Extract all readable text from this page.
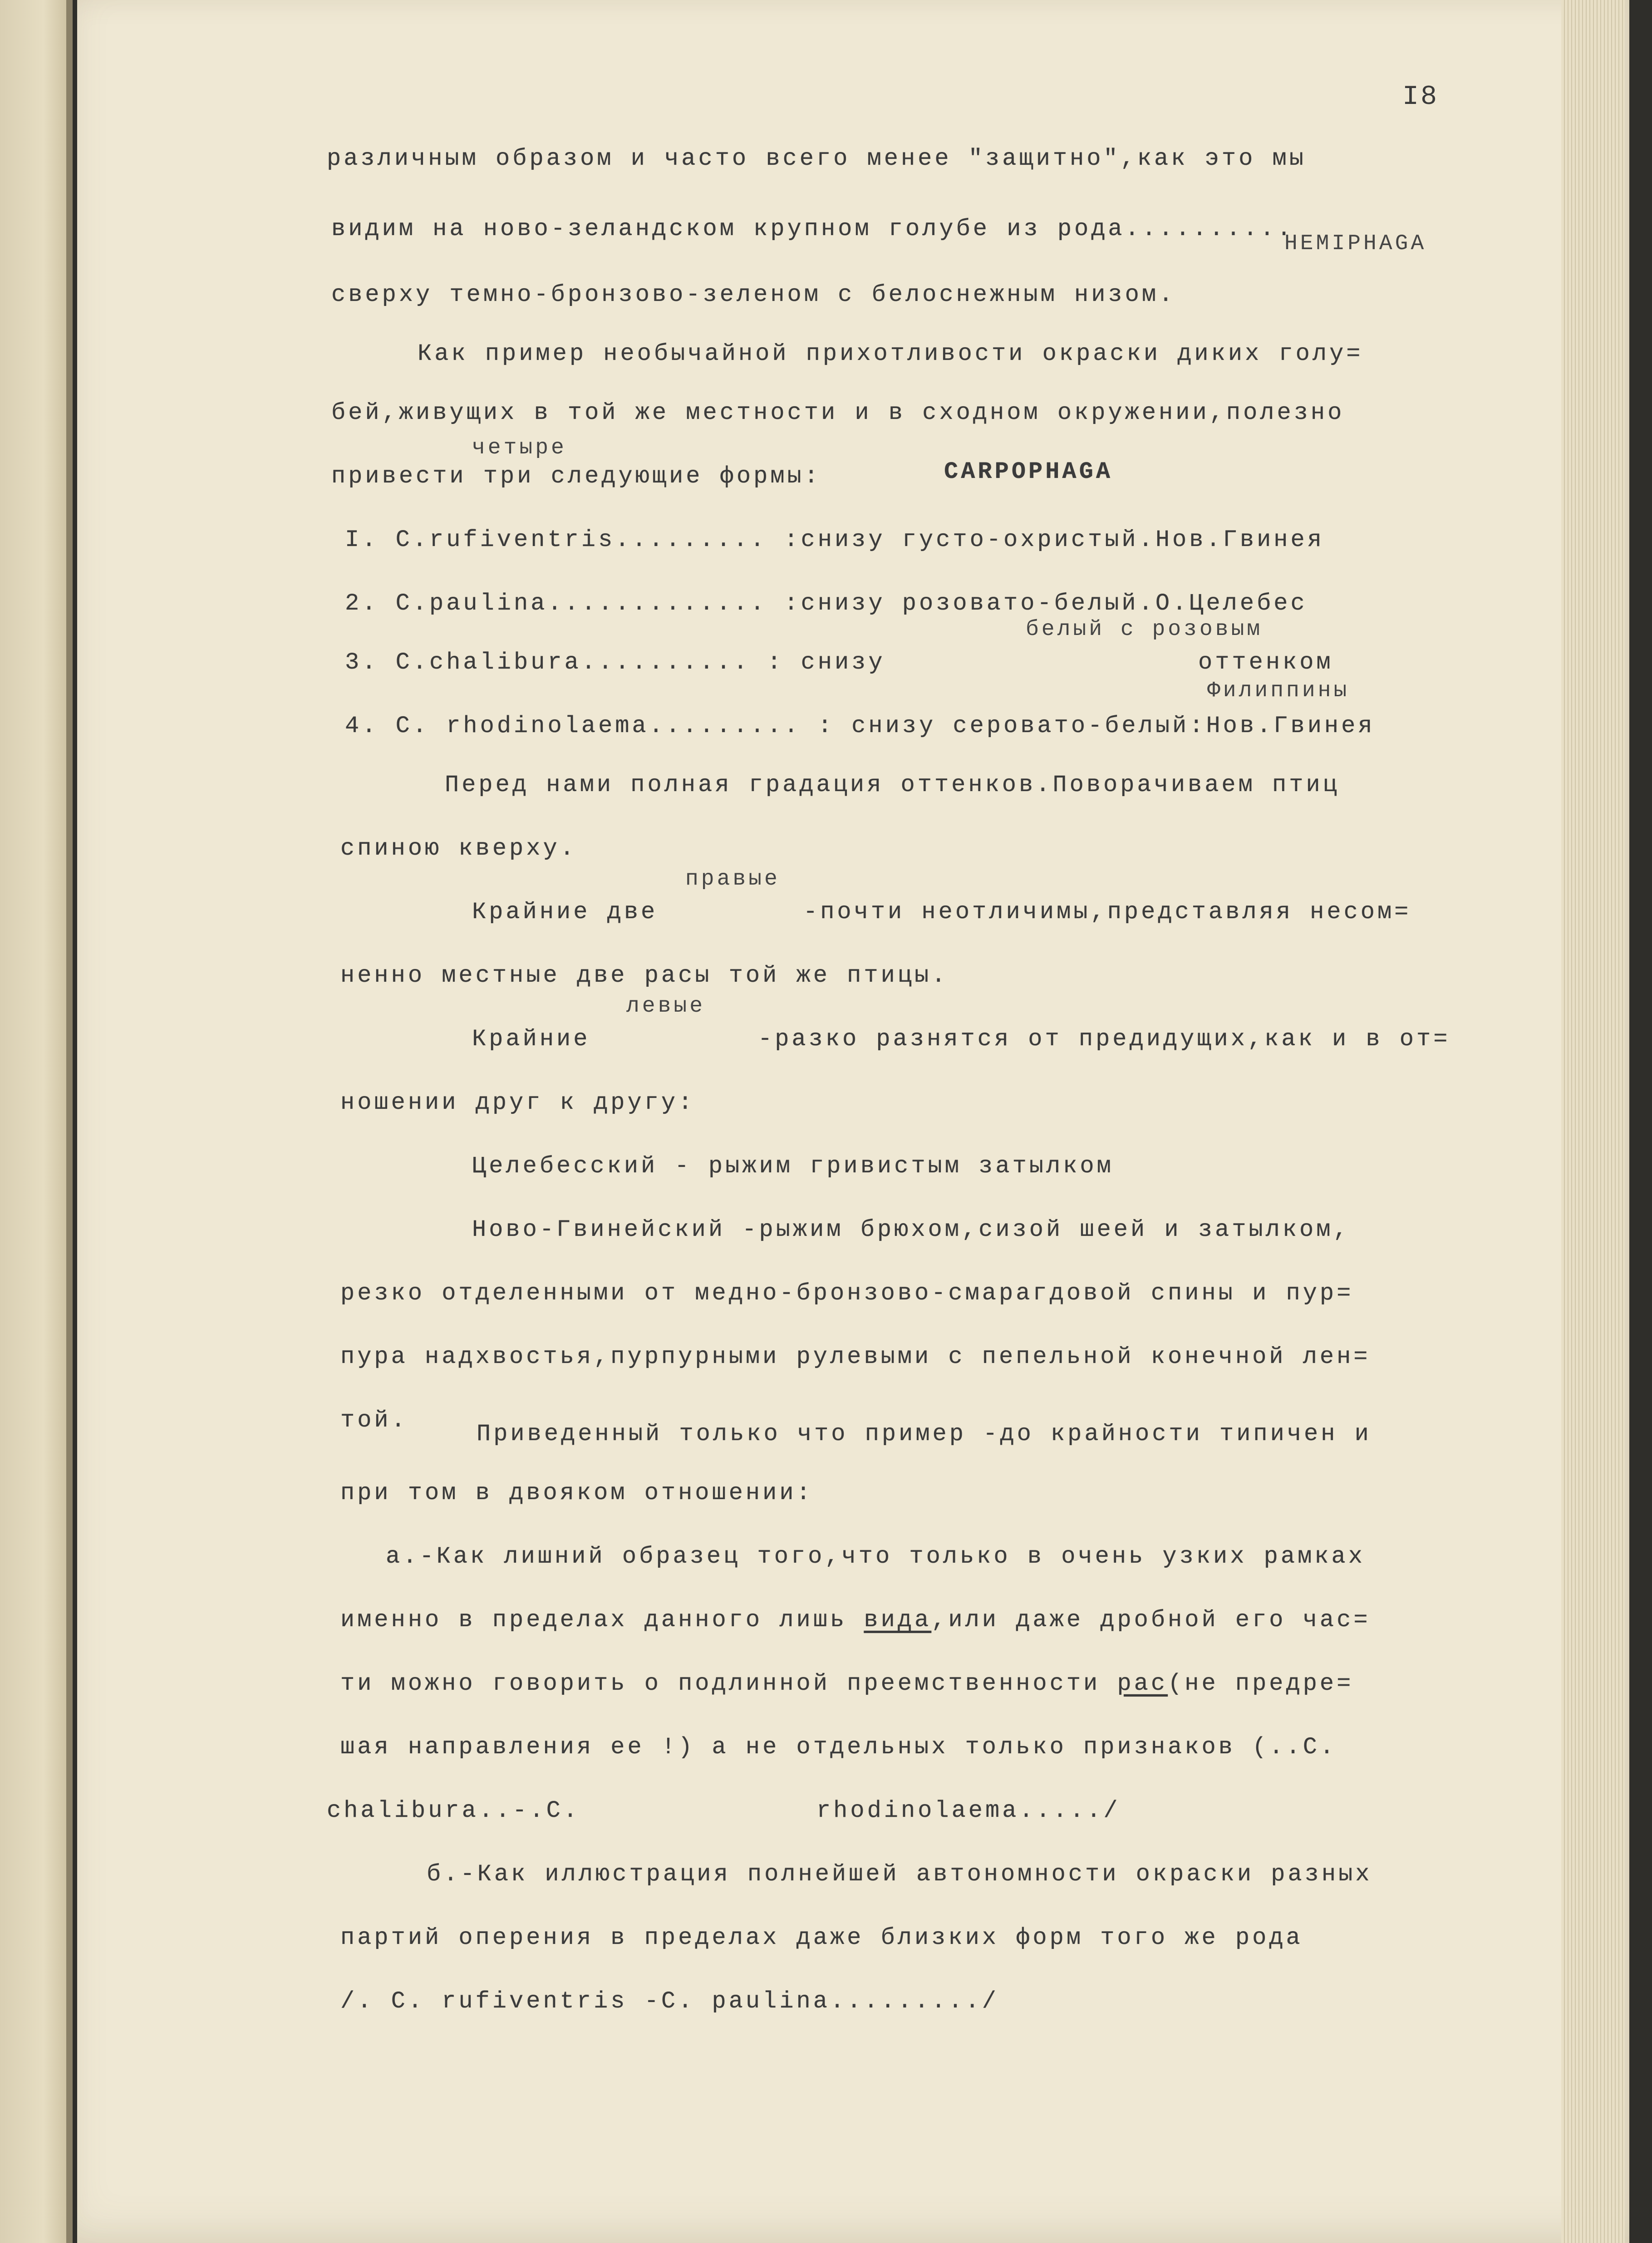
I8
различным образом и часто всего менее "защитно",как это мы
видим на ново-зеландском крупном голубе из рода..........
HEMIPHAGA
сверху темно-бронзово-зеленом с белоснежным низом.
Как пример необычайной прихотливости окраски диких голу=
бей,живущих в той же местности и в сходном окружении,полезно
четыре
привести три следующие формы:	CARPOPHAGA
I. C.rufiventris......... :снизу густо-охристый.Нов.Гвинея
2. C.paulina............. :снизу розовато-белый.О.Целебес
белый с розовым
3. C.chalibura.......... : снизу	оттенком
Филиппины
4. C. rhodinolaema......... : снизу серовато-белый:Нов.Гвинея
Перед нами полная градация оттенков.Поворачиваем птиц
спиною кверху.
правые
Крайние две	-почти неотличимы,представляя несом=
ненно местные две расы той же птицы.
левые
Крайние	-разко разнятся от предидущих,как и в от=
ношении друг к другу:
Целебесский - рыжим гривистым затылком
Ново-Гвинейский -рыжим брюхом,сизой шеей и затылком,
резко отделенными от медно-бронзово-смарагдовой спины и пур=
пура надхвостья,пурпурными рулевыми с пепельной конечной лен=
той.
Приведенный только что пример -до крайности типичен и
при том в двояком отношении:
а.-Как лишний образец того,что только в очень узких рамках
именно в пределах данного лишь вида,или даже дробной его час=
ти можно говорить о подлинной преемственности рас(не предре=
шая направления ее !) а не отдельных только признаков (..C.
chalibura..-.C.              rhodinolaema...../
б.-Как иллюстрация полнейшей автономности окраски разных
партий оперения в пределах даже близких форм того же рода
/. C. rufiventris -C. paulina........./
